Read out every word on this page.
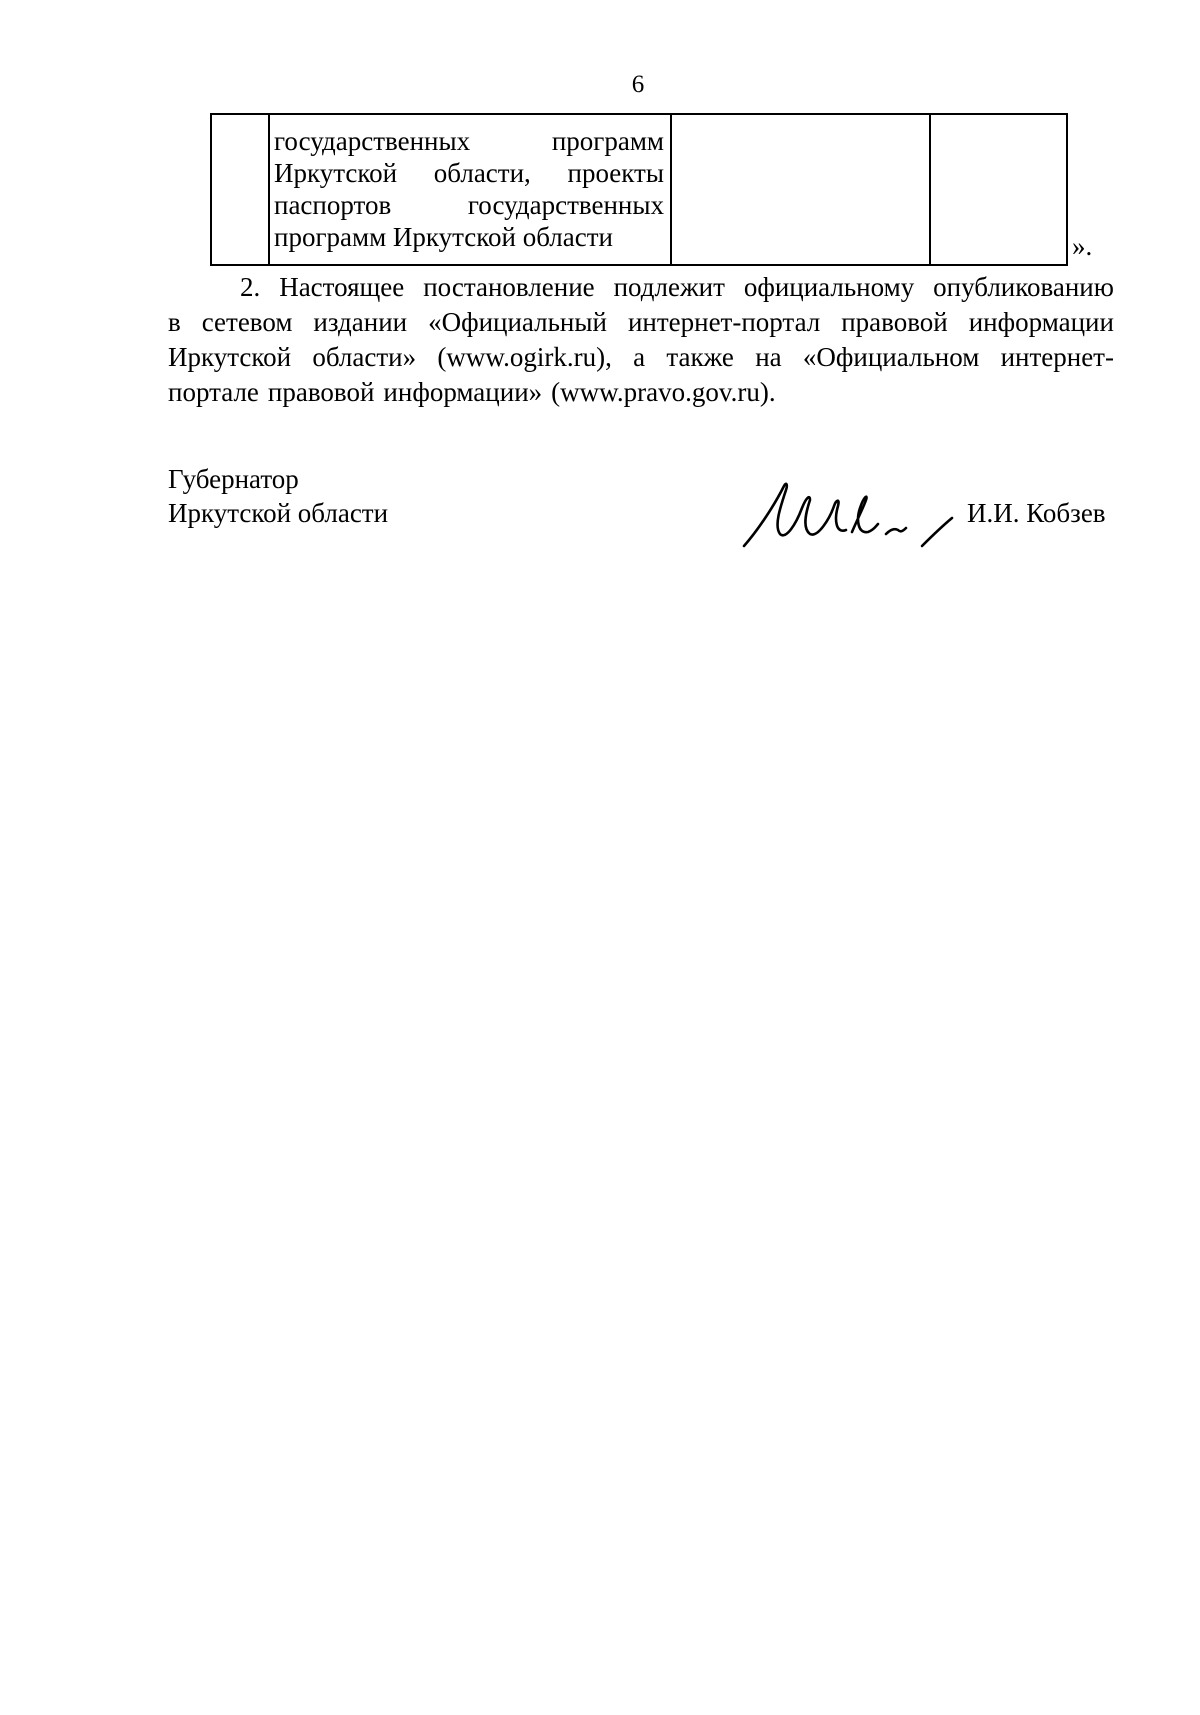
6
государственных	программ
Иркутской области, проекты
паспортов	государственных
программ Иркутской области	».
2. Настоящее постановление подлежит официальному опубликованию
в сетевом издании «Официальный интернет-портал правовой информации
Иркутской области» (www.ogirk.ru), а также на «Официальном интернет-
портале правовой информации» (www.pravo.gov.ru).
Губернатор
Иркутской области	И.И. Кобзев
